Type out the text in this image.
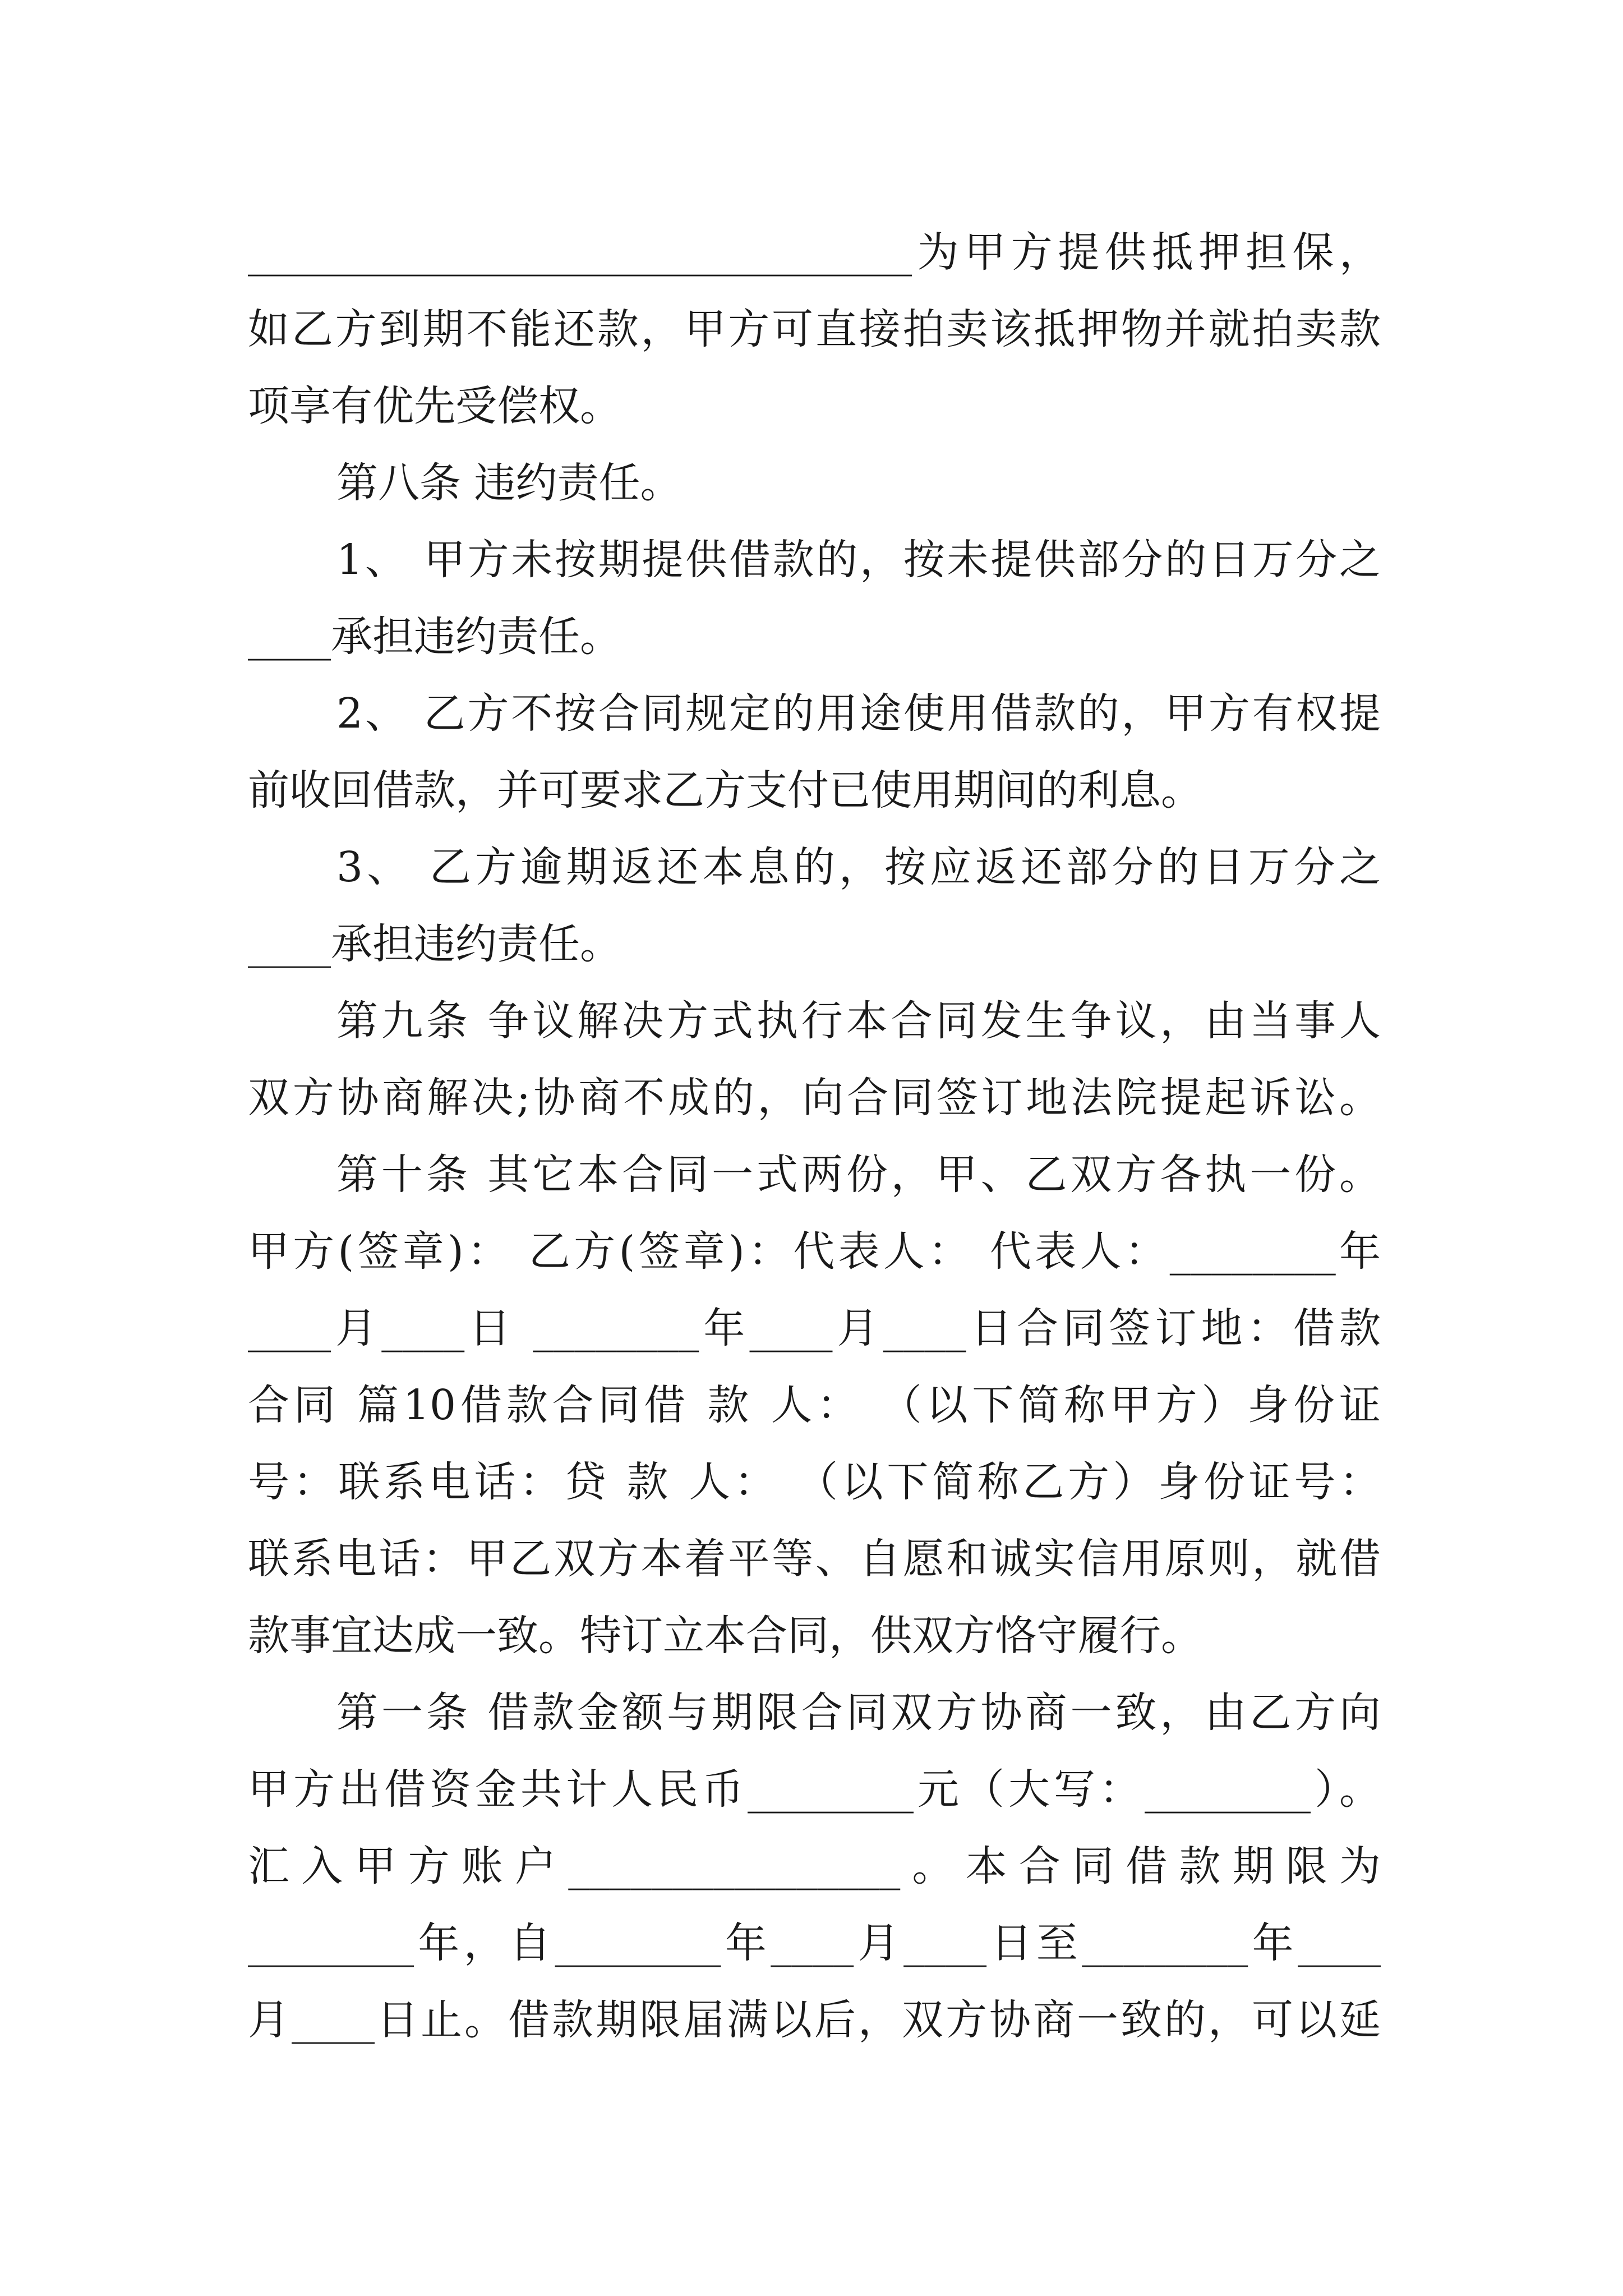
________________________________为甲方提供抵押担保，
如乙方到期不能还款，甲方可直接拍卖该抵押物并就拍卖款
项享有优先受偿权。
第八条 违约责任。
1、 甲方未按期提供借款的，按未提供部分的日万分之
____承担违约责任。
2、 乙方不按合同规定的用途使用借款的，甲方有权提
前收回借款，并可要求乙方支付已使用期间的利息。
3、 乙方逾期返还本息的，按应返还部分的日万分之
____承担违约责任。
第九条 争议解决方式执行本合同发生争议，由当事人
双方协商解决;协商不成的，向合同签订地法院提起诉讼。
第十条 其它本合同一式两份，甲、乙双方各执一份。
甲方(签章)： 乙方(签章)：代表人： 代表人：________年
____月____日 ________年____月____日合同签订地：借款
合同 篇10借款合同借 款 人： （以下简称甲方）身份证
号：联系电话：贷 款 人： （以下简称乙方）身份证号：
联系电话：甲乙双方本着平等、自愿和诚实信用原则，就借
款事宜达成一致。特订立本合同，供双方恪守履行。
第一条 借款金额与期限合同双方协商一致，由乙方向
甲方出借资金共计人民币________元（大写：________）。
汇入甲方账户________________。本合同借款期限为
________年，自________年____月____日至________年____
月____日止。借款期限届满以后，双方协商一致的，可以延
